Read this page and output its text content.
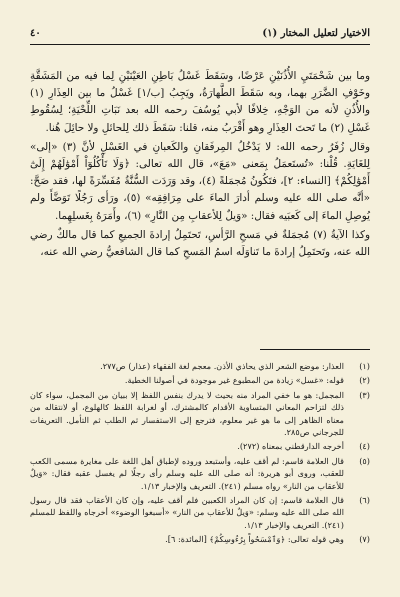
الاختيار لتعليل المختار (١)
٤٠

وما بين شَحْمَتَيِ الأُذُنَيْنِ عَرْضًا، وسَقَطَ غَسْلُ بَاطِنِ العَيْنَيْنِ لِما فيه من المَشَقَّةِ وخَوْفِ الضَّرَرِ بهما، وبه سَقَطَ الطَّهارَةُ، ويَجِبُ [ب/١] غَسْلُ ما بين العِذَارِ (١) والأُذُنِ لأنه من الوَجْهِ، خِلافًا لأبي يُوسُفَ رحمه الله بعد نَبَاتِ اللِّحْيَةِ؛ لِسُقُوطِ غَسْلِ (٢) ما تَحتَ العِذَارِ وهو أَقْرَبُ منه، قلنا: سَقَطَ ذلك لِلحائلِ ولا حائِلَ هُنا.

وقال زُفَرُ رحمه الله: لا يَدْخُلُ المِرفَقانِ والكَعبانِ في الغَسْلِ لأنَّ (٣) «إلى» لِلغَايَةِ. قُلْنا: «تُستَعمَلُ بِمَعنى «مَعَ»، قال الله تعالى: ﴿وَلَا تَأْكُلُوٓاْ أَمْوَٰلَهُمْ إِلَىٰٓ أَمْوَٰلِكُمْ﴾ [النساء: ٢]، فتَكُونُ مُجمَلةً (٤)، وقد وَرَدَت السُّنَّةُ مُفَسِّرَةً لها، فقد صَحَّ: «أنَّه صلى الله عليه وسلم أدارَ الماءَ على مِرَافِقِه» (٥)، ورَأى رَجُلًا تَوَضَّأَ ولم يُوصِلِ الماءَ إلى كَعبَيه فقال: «وَيلٌ لِلأعقابِ مِن النَّارِ» (٦)، وأَمَرَهُ بِغَسلِهِما.

وكذا الآيةُ (٧) مُجمَلةٌ في مَسحِ الرَّأسِ، تَحتَمِلُ إرادةَ الجميعِ كما قال مالكٌ رضي الله عنه، وتَحتَمِلُ إرادةَ ما تَناوَلَه اسمُ المَسحِ كما قال الشافعيُّ رضي الله عنه،

(١)
العذار: موضع الشعر الذي يحاذي الأذن. معجم لغة الفقهاء (عذار) ص٢٧٧.
(٢)
قوله: «غسل» زيادة من المطبوع غير موجودة في أصولنا الخطية.
(٣)
المجمل: هو ما خفي المراد منه بحيث لا يدرك بنفس اللفظ إلا ببيان من المجمل، سواء كان ذلك لتزاحم المعاني المتساوية الأقدام كالمشترك، أو لغرابة اللفظ كالهلوع، أو لانتقاله من معناه الظاهر إلى ما هو غير معلوم، فترجع إلى الاستفسار ثم الطلب ثم التأمل. التعريفات للجرجاني ص٢٨٥.
(٤)
أخرجه الدارقطني بمعناه (٢٧٢).
(٥)
قال العلامة قاسم: لم أقف عليه، وأستبعد وروده لإطباق أهل اللغة على مغايرة مسمى الكعب للعقب، وروى أبو هريرة: أنه صلى الله عليه وسلم رأى رجلًا لم يغسل عقبه فقال: «وَيلٌ للأعقاب من النار» رواه مسلم (٢٤١). التعريف والإخبار ١/١٣.
(٦)
قال العلامة قاسم: إن كان المراد الكعبين فلم أقف عليه، وإن كان الأعقاب فقد قال رسول الله صلى الله عليه وسلم: «وَيلٌ للأعقاب من النار» «أسبغوا الوضوء» أخرجاه واللفظ للمسلم (٢٤١). التعريف والإخبار ١/١٣.
(٧)
وهي قوله تعالى: ﴿وَٱمْسَحُواْ بِرُءُوسِكُمْ﴾ [المائدة: ٦].
